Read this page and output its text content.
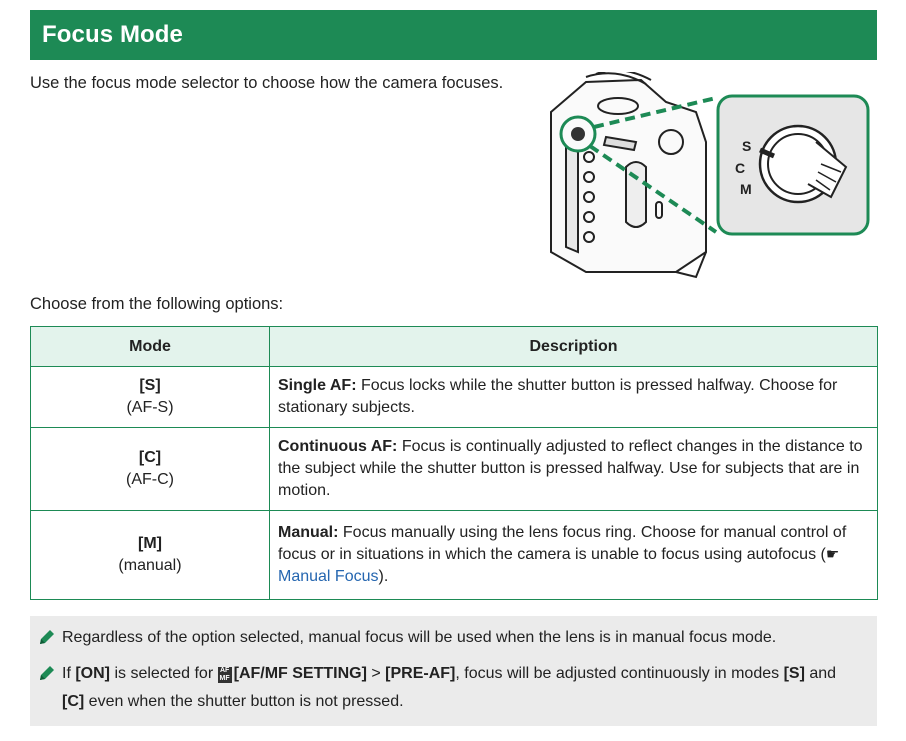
Focus Mode
Use the focus mode selector to choose how the camera focuses.
S
C
M
Choose from the following options:
Mode	Description

[S]
(AF-S)	Single AF: Focus locks while the shutter button is pressed halfway. Choose for stationary subjects.

[C]
(AF-C)	Continuous AF: Focus is continually adjusted to reflect changes in the distance to the subject while the shutter button is pressed halfway. Use for subjects that are in motion.

[M]
(manual)	Manual: Focus manually using the lens focus ring. Choose for manual control of focus or in situations in which the camera is unable to focus using autofocus (☛Manual Focus).
Regardless of the option selected, manual focus will be used when the lens is in manual focus mode.
If [ON] is selected for AF MF [AF/MF SETTING] > [PRE-AF], focus will be adjusted continuously in modes [S] and
[C] even when the shutter button is not pressed.
